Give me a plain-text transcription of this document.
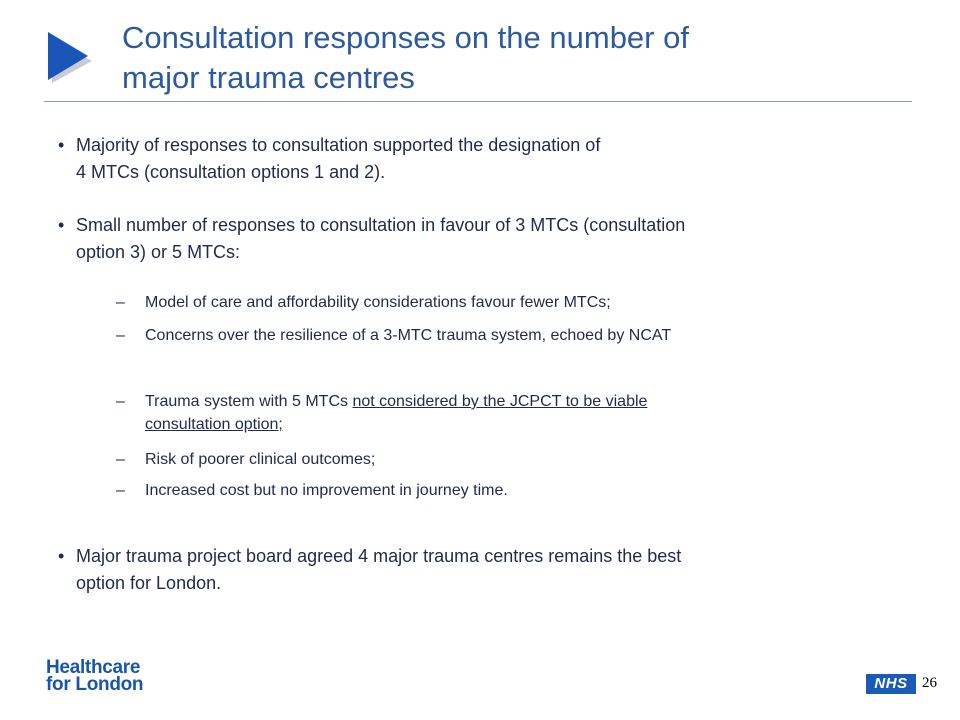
Consultation responses on the number of
major trauma centres
• Majority of responses to consultation supported the designation of
4 MTCs (consultation options 1 and 2).
• Small number of responses to consultation in favour of 3 MTCs (consultation
option 3) or 5 MTCs:
–	Model of care and affordability considerations favour fewer MTCs;
–	Concerns over the resilience of a 3-MTC trauma system, echoed by NCAT
–	Trauma system with 5 MTCs not considered by the JCPCT to be viable
consultation option;
–	Risk of poorer clinical outcomes;
–	Increased cost but no improvement in journey time.
• Major trauma project board agreed 4 major trauma centres remains the best
option for London.
Healthcare
for London	NHS 26
